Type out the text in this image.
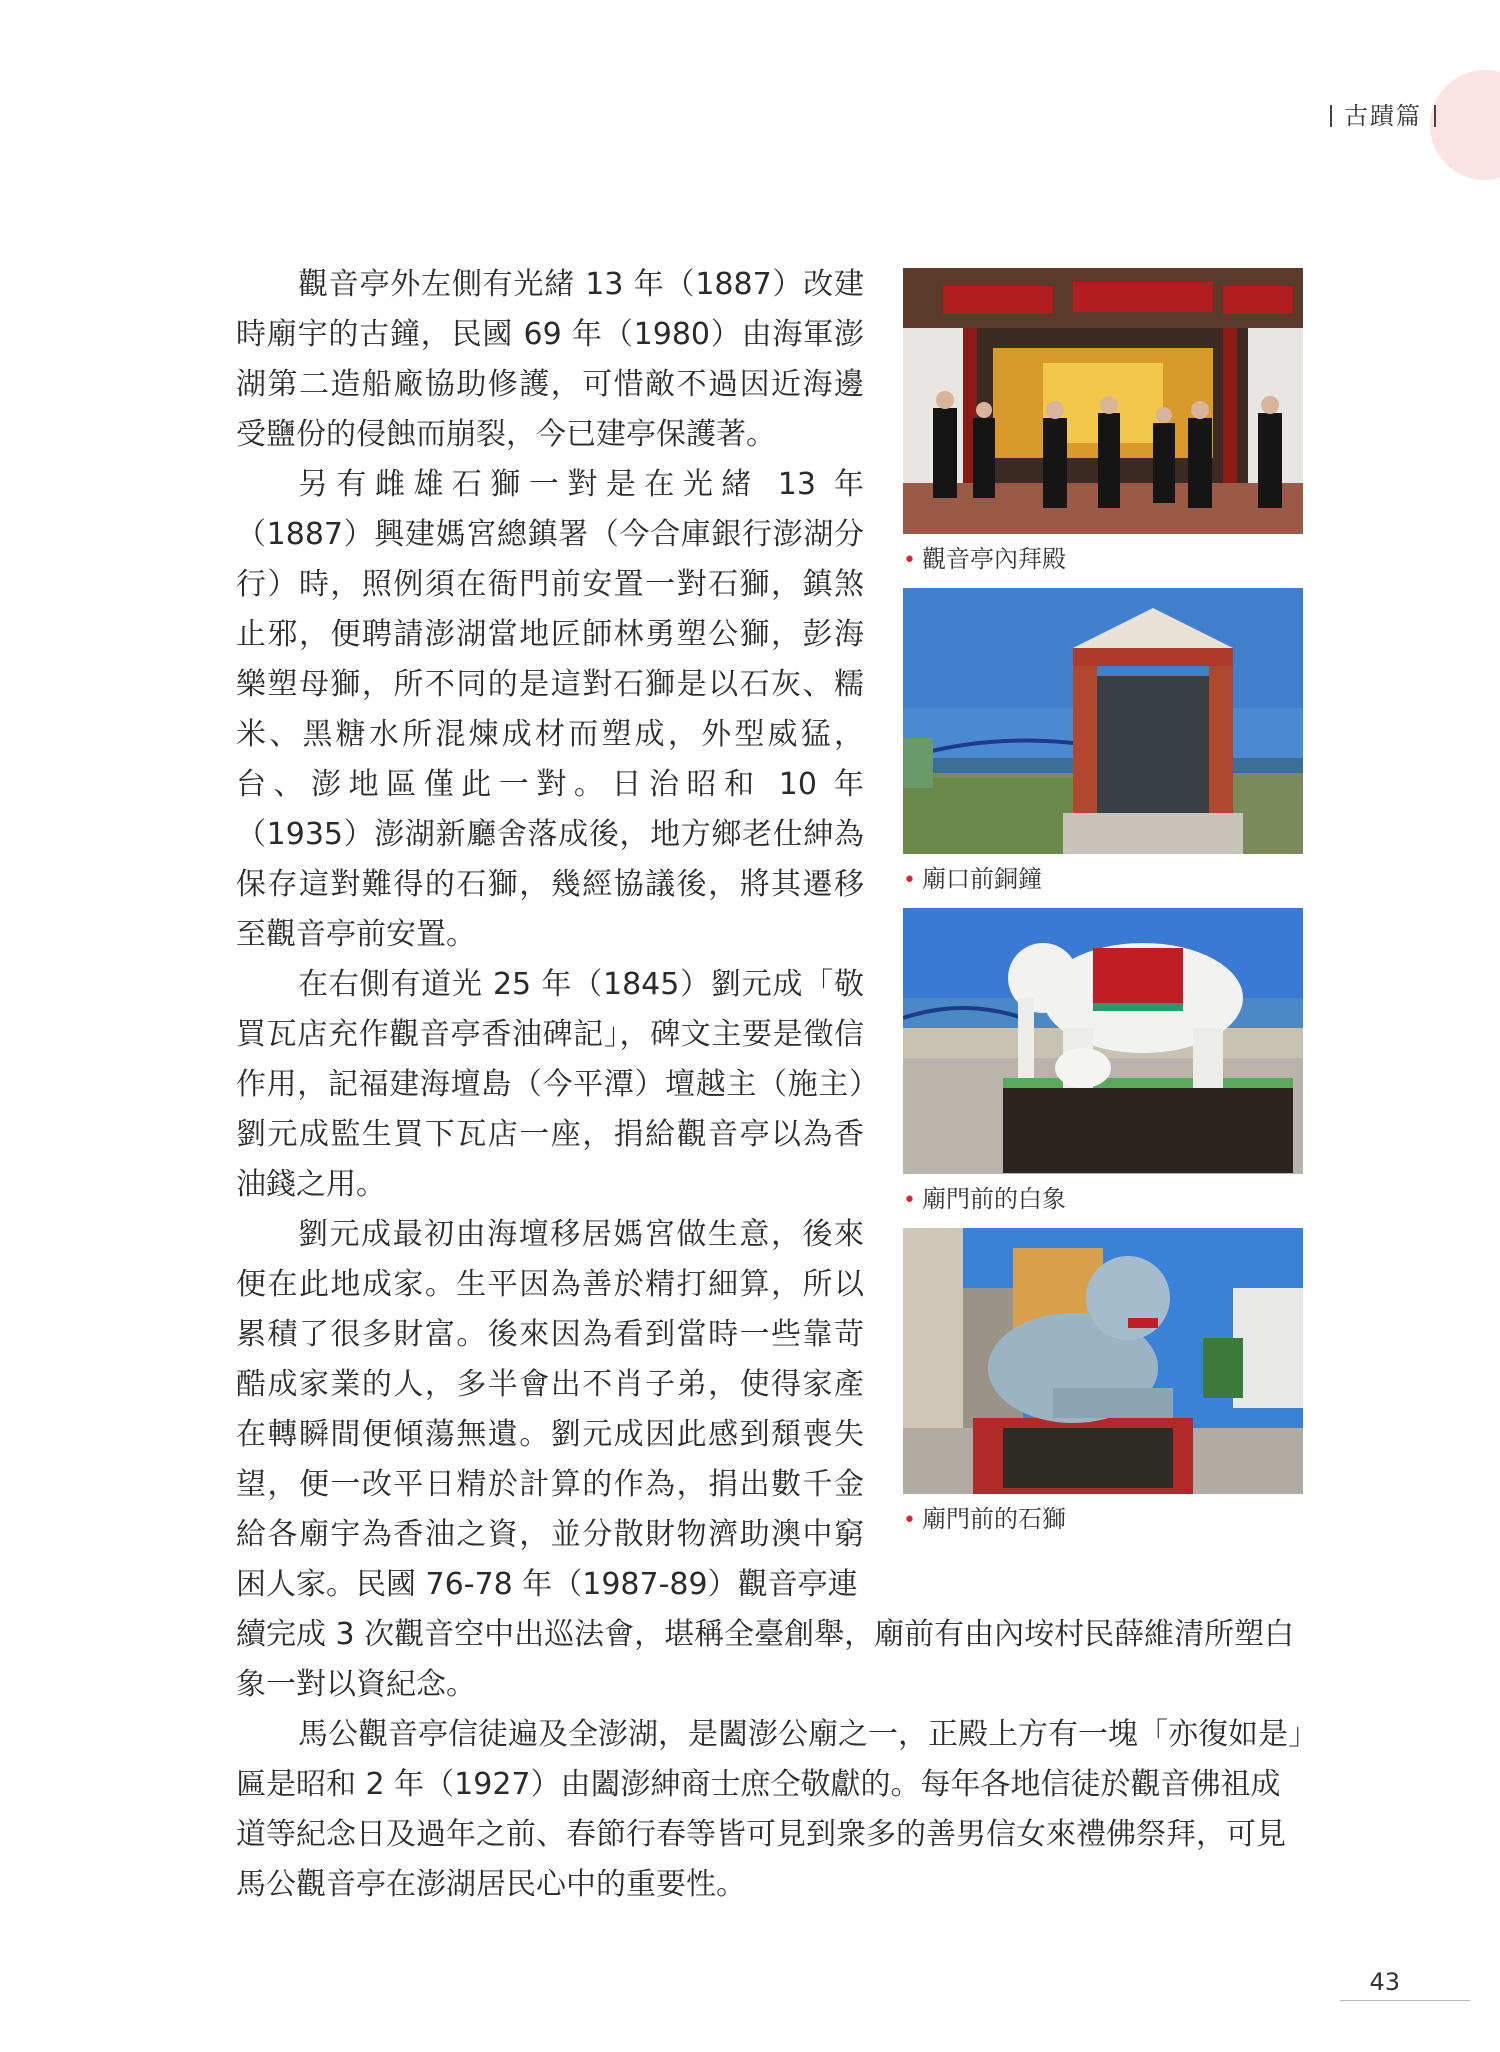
古蹟篇

觀音亭外左側有光緒 13 年（1887）改建時廟宇的古鐘，民國 69 年（1980）由海軍澎湖第二造船廠協助修護，可惜敵不過因近海邊受鹽份的侵蝕而崩裂，今已建亭保護著。

另有雌雄石獅一對是在光緒 13 年（1887）興建媽宮總鎮署（今合庫銀行澎湖分行）時，照例須在衙門前安置一對石獅，鎮煞止邪，便聘請澎湖當地匠師林勇塑公獅，彭海樂塑母獅，所不同的是這對石獅是以石灰、糯米、黑糖水所混煉成材而塑成，外型威猛，台、澎地區僅此一對。日治昭和 10 年（1935）澎湖新廳舍落成後，地方鄉老仕紳為保存這對難得的石獅，幾經協議後，將其遷移至觀音亭前安置。

在右側有道光 25 年（1845）劉元成「敬買瓦店充作觀音亭香油碑記」，碑文主要是徵信作用，記福建海壇島（今平潭）壇越主（施主）劉元成監生買下瓦店一座，捐給觀音亭以為香油錢之用。

劉元成最初由海壇移居媽宮做生意，後來便在此地成家。生平因為善於精打細算，所以累積了很多財富。後來因為看到當時一些靠苛酷成家業的人，多半會出不肖子弟，使得家產在轉瞬間便傾蕩無遺。劉元成因此感到頹喪失望，便一改平日精於計算的作為，捐出數千金給各廟宇為香油之資，並分散財物濟助澳中窮困人家。民國 76-78 年（1987-89）觀音亭連

續完成 3 次觀音空中出巡法會，堪稱全臺創舉，廟前有由內垵村民薛維清所塑白象一對以資紀念。

馬公觀音亭信徒遍及全澎湖，是闔澎公廟之一，正殿上方有一塊「亦復如是」匾是昭和 2 年（1927）由闔澎紳商士庶仝敬獻的。每年各地信徒於觀音佛祖成道等紀念日及過年之前、春節行春等皆可見到衆多的善男信女來禮佛祭拜，可見馬公觀音亭在澎湖居民心中的重要性。

• 觀音亭內拜殿
• 廟口前銅鐘
• 廟門前的白象
• 廟門前的石獅
43
